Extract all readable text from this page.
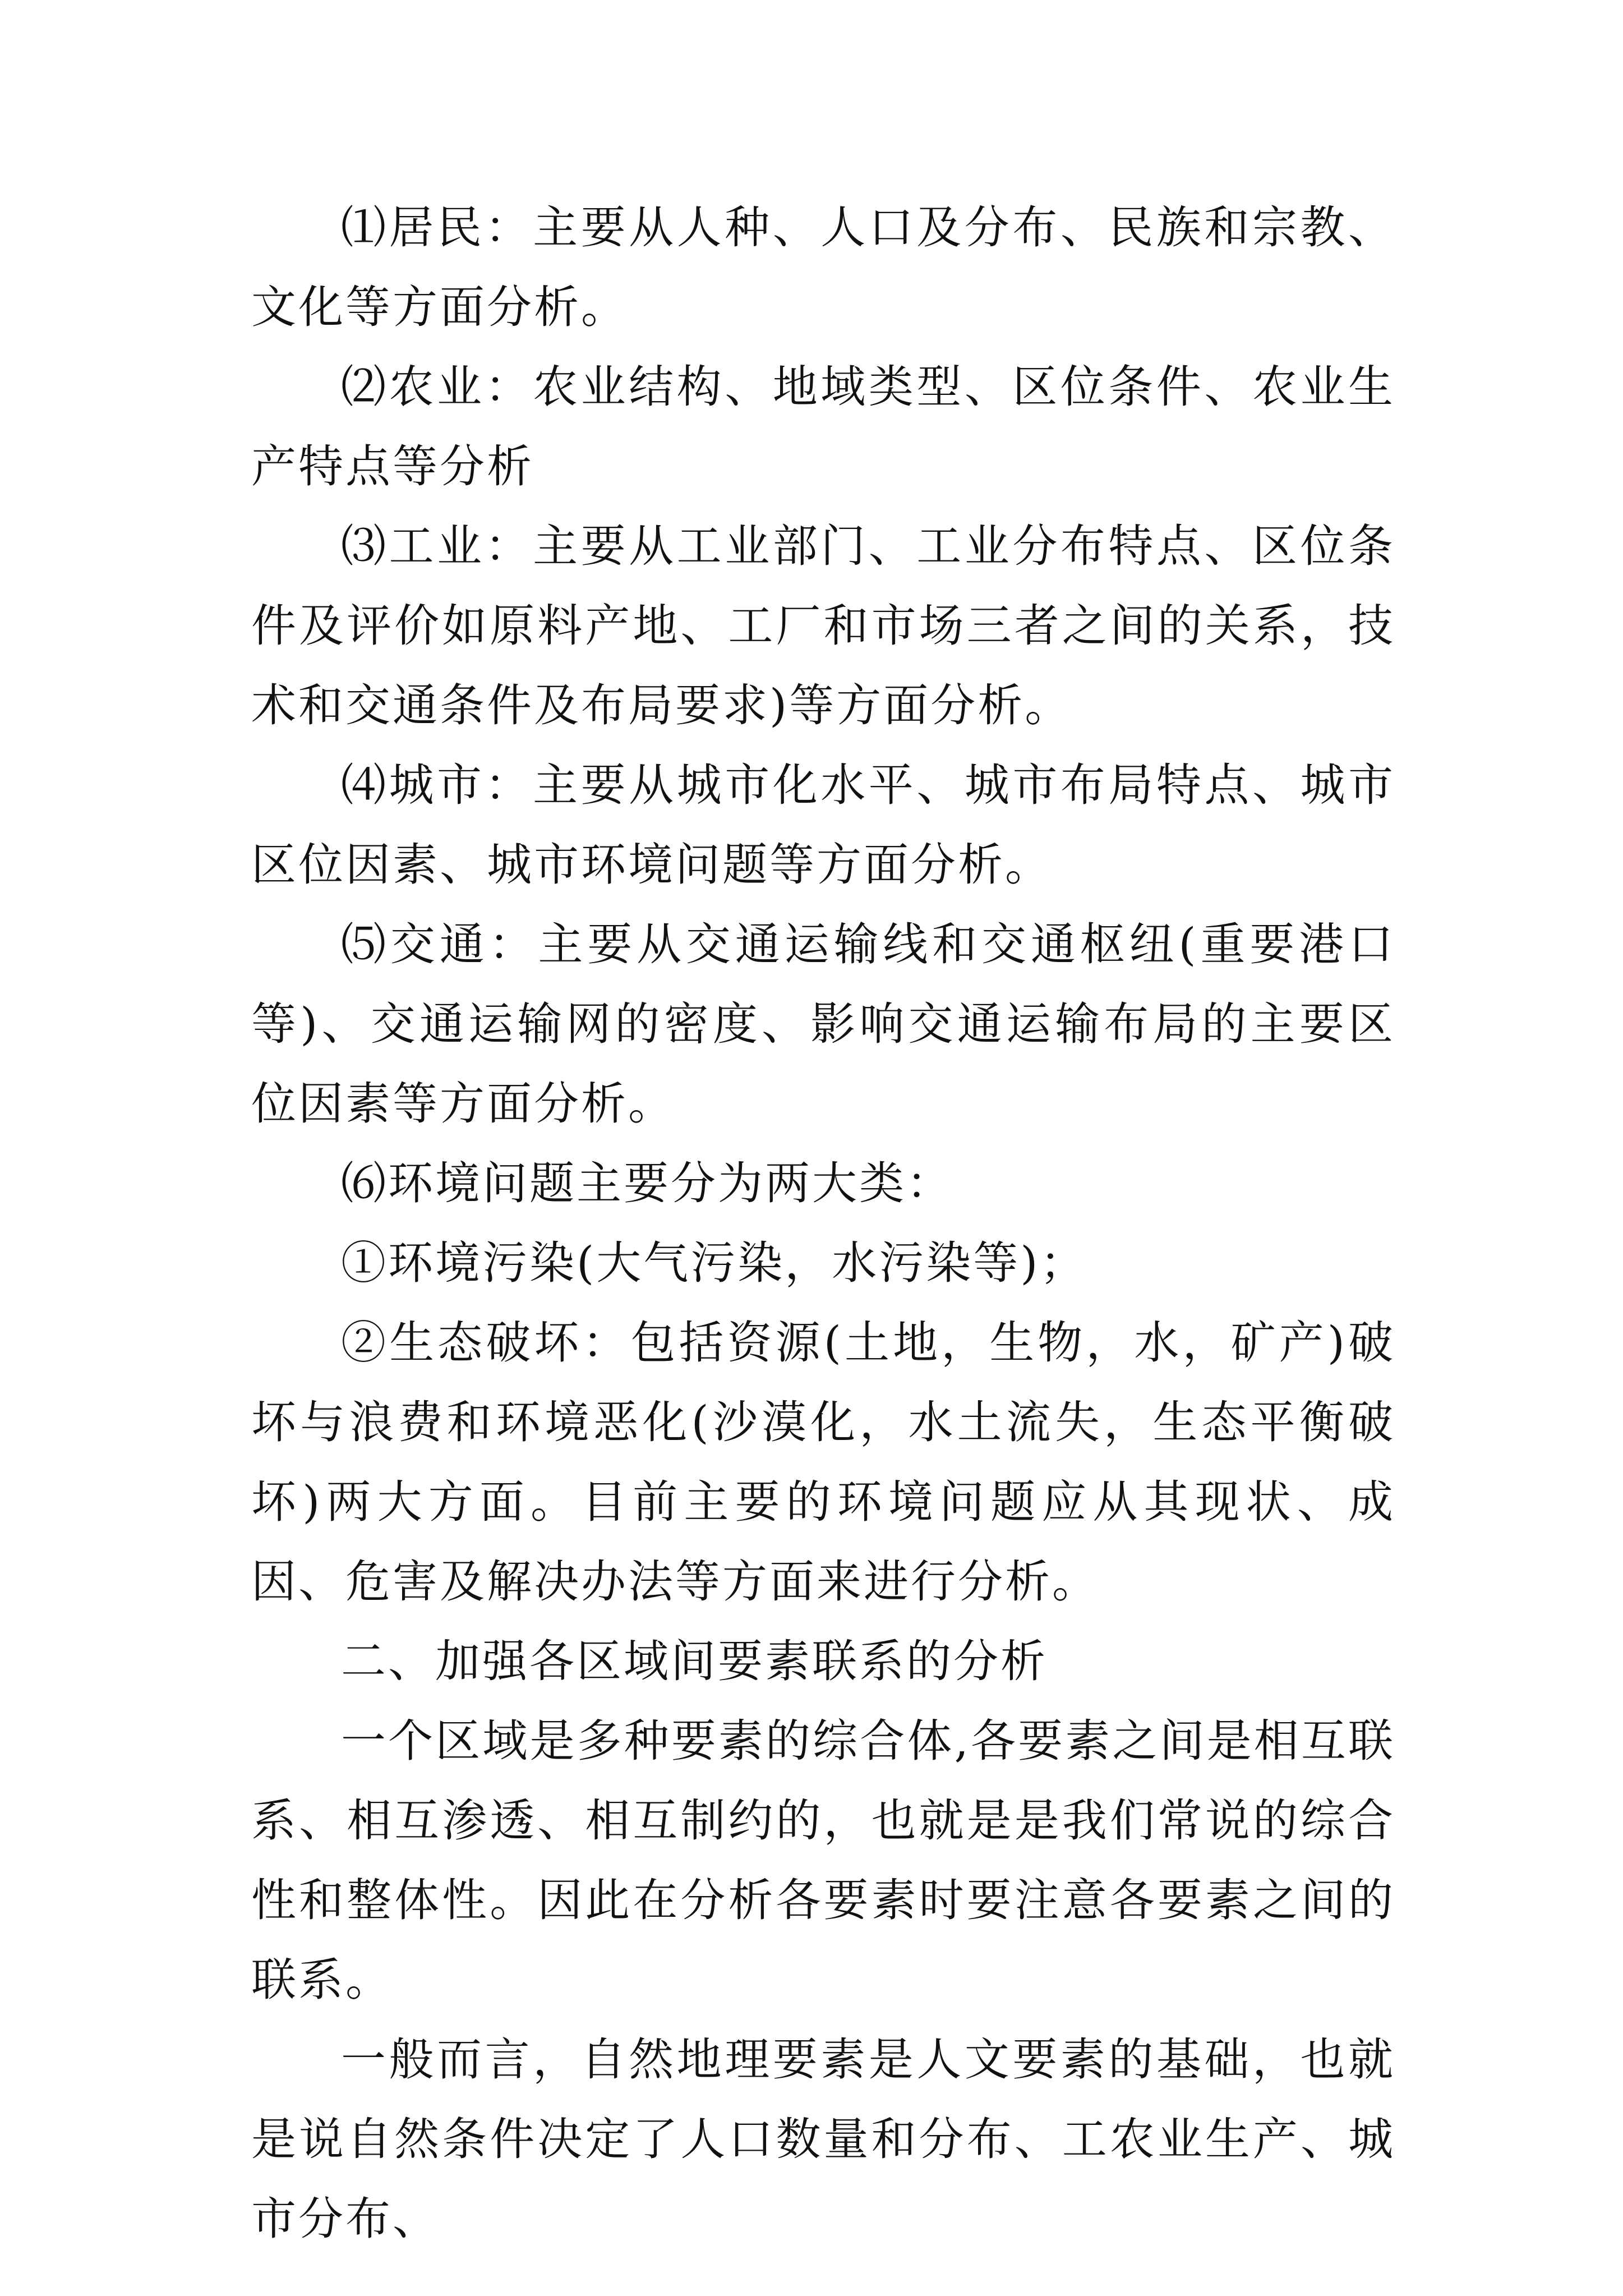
⑴居民：主要从人种、人口及分布、民族和宗教、文化等方面分析。

⑵农业：农业结构、地域类型、区位条件、农业生产特点等分析

⑶工业：主要从工业部门、工业分布特点、区位条件及评价如原料产地、工厂和市场三者之间的关系，技术和交通条件及布局要求)等方面分析。

⑷城市：主要从城市化水平、城市布局特点、城市区位因素、城市环境问题等方面分析。

⑸交通：主要从交通运输线和交通枢纽(重要港口等)、交通运输网的密度、影响交通运输布局的主要区位因素等方面分析。

⑹环境问题主要分为两大类：

①环境污染(大气污染，水污染等)；

②生态破坏：包括资源(土地，生物，水，矿产)破坏与浪费和环境恶化(沙漠化，水土流失，生态平衡破坏)两大方面。目前主要的环境问题应从其现状、成因、危害及解决办法等方面来进行分析。

二、加强各区域间要素联系的分析

一个区域是多种要素的综合体,各要素之间是相互联系、相互渗透、相互制约的，也就是是我们常说的综合性和整体性。因此在分析各要素时要注意各要素之间的联系。

一般而言，自然地理要素是人文要素的基础，也就是说自然条件决定了人口数量和分布、工农业生产、城市分布、
